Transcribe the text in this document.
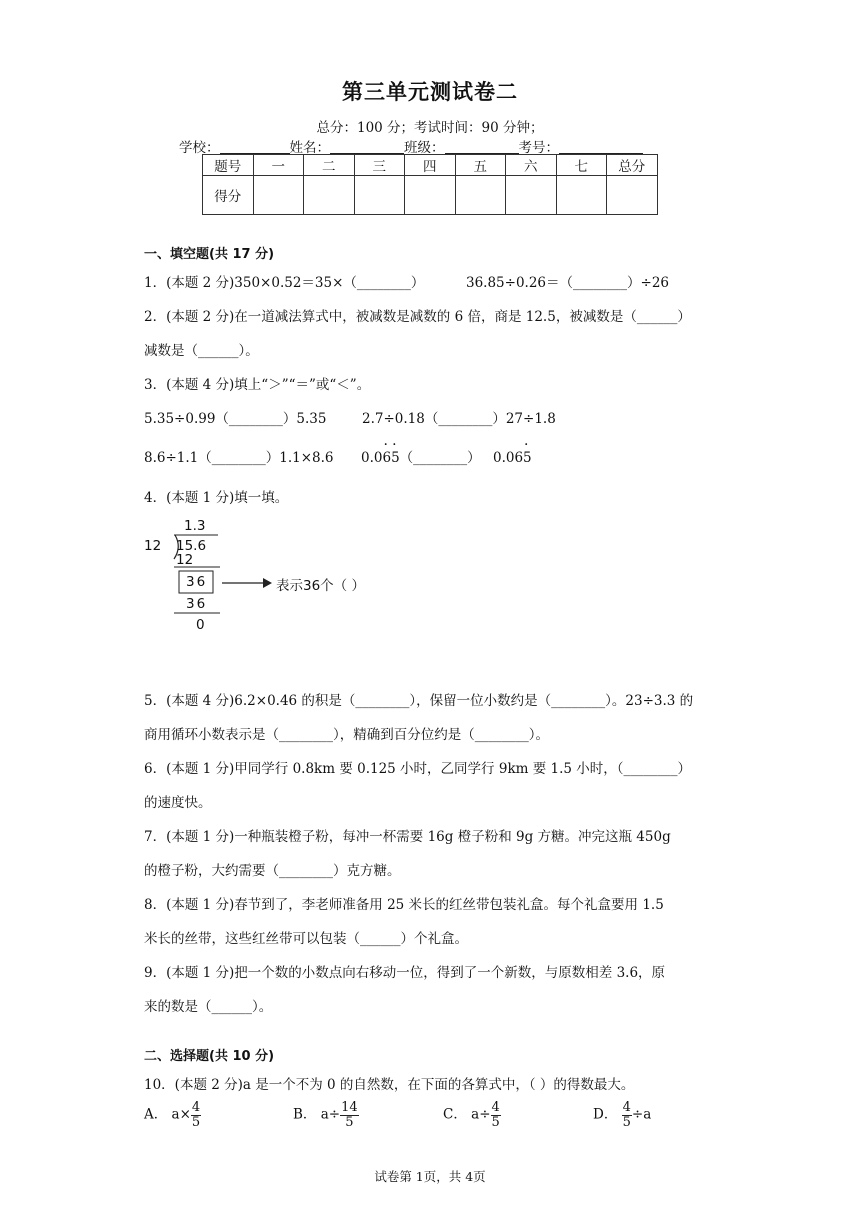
第三单元测试卷二
总分：100 分；考试时间：90 分钟；
学校：	姓名：	班级：	考号：
题号	一	二	三	四	五	六	七	总分
得分								
一、填空题(共 17 分)
1．(本题 2 分)350×0.52＝35×（________）	36.85÷0.26＝（________）÷26
2．(本题 2 分)在一道减法算式中，被减数是减数的 6 倍，商是 12.5，被减数是（______）
减数是（______）。
3．(本题 4 分)填上“＞”“＝”或“＜”。
5.35÷0.99（________）5.35	2.7÷0.18（________）27÷1.8
8.6÷1.1（________）1.1×8.6 0.06 ·5 ·（________） 0.065 ·
4．(本题 1 分)填一填。
1.3
12 15.6
12
36
36
0
表示36个（ ）
5．(本题 4 分)6.2×0.46 的积是（________），保留一位小数约是（________）。23÷3.3 的
商用循环小数表示是（________），精确到百分位约是（________）。
6．(本题 1 分)甲同学行 0.8km 要 0.125 小时，乙同学行 9km 要 1.5 小时，（________）
的速度快。
7．(本题 1 分)一种瓶装橙子粉，每冲一杯需要 16g 橙子粉和 9g 方糖。冲完这瓶 450g
的橙子粉，大约需要（________）克方糖。
8．(本题 1 分)春节到了，李老师准备用 25 米长的红丝带包装礼盒。每个礼盒要用 1.5
米长的丝带，这些红丝带可以包装（______）个礼盒。
9．(本题 1 分)把一个数的小数点向右移动一位，得到了一个新数，与原数相差 3.6，原
来的数是（______）。
二、选择题(共 10 分)
10．(本题 2 分)a 是一个不为 0 的自然数，在下面的各算式中，（ ）的得数最大。
A． $a\times \frac{4}{5}$	B． $a\div \frac{14}{5}$	C． $a\div \frac{4}{5}$	D． $\frac{4}{5} \div a$
试卷第 1页，共 4页
